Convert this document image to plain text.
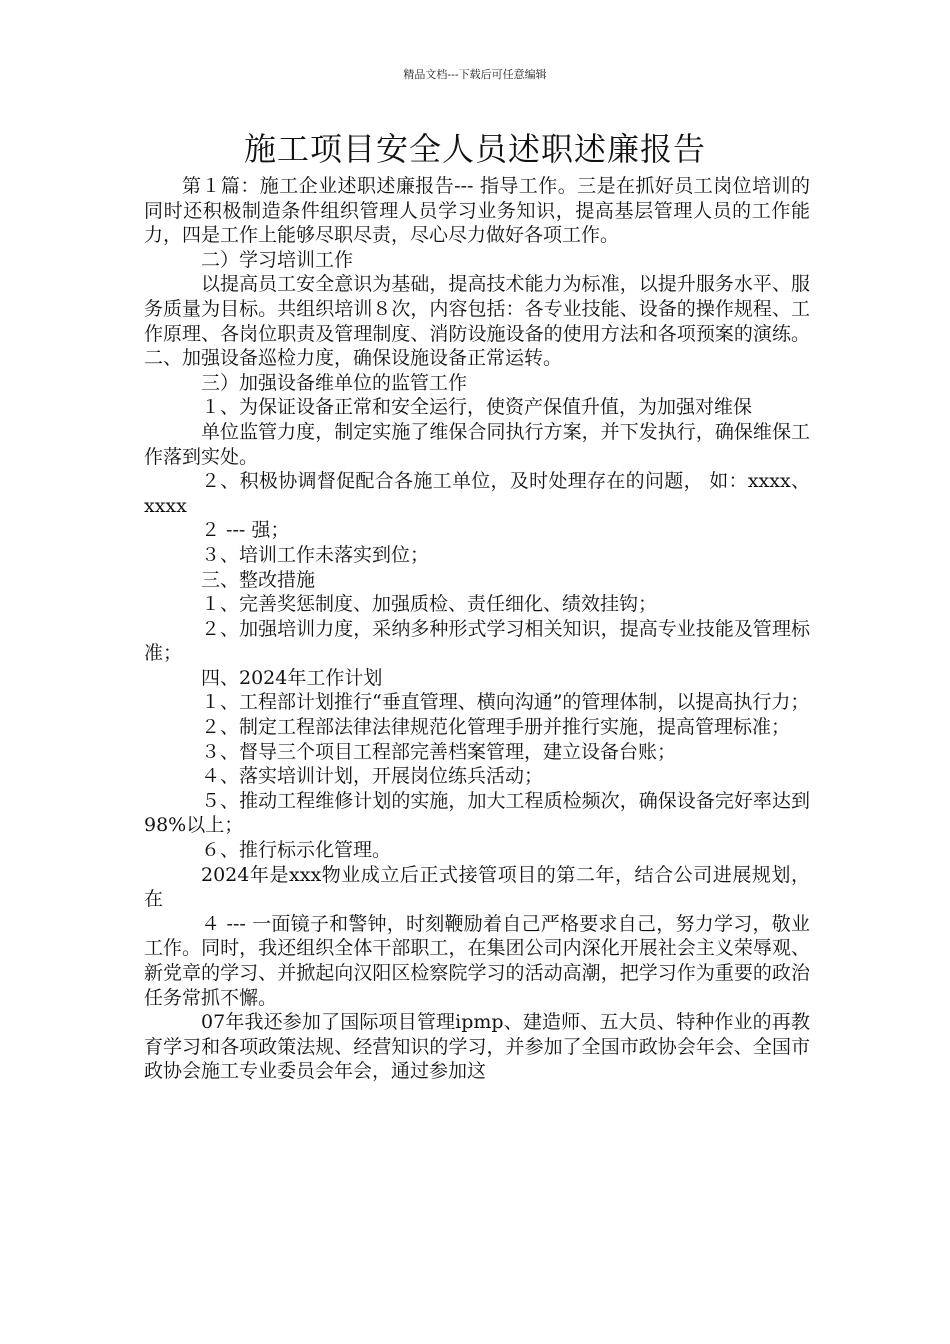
精品文档---下载后可任意编辑
施工项目安全人员述职述廉报告

第１篇：施工企业述职述廉报告--- 指导工作。三是在抓好员工岗位培训的同时还积极制造条件组织管理人员学习业务知识，提高基层管理人员的工作能力，四是工作上能够尽职尽责，尽心尽力做好各项工作。

二）学习培训工作

以提高员工安全意识为基础，提高技术能力为标准，以提升服务水平、服务质量为目标。共组织培训８次，内容包括：各专业技能、设备的操作规程、工作原理、各岗位职责及管理制度、消防设施设备的使用方法和各项预案的演练。二、加强设备巡检力度，确保设施设备正常运转。

三）加强设备维单位的监管工作

１、为保证设备正常和安全运行，使资产保值升值，为加强对维保

单位监管力度，制定实施了维保合同执行方案，并下发执行，确保维保工作落到实处。

２、积极协调督促配合各施工单位，及时处理存在的问题， 如：xxxx、xxxx

２ --- 强；

３、培训工作未落实到位；

三、整改措施

１、完善奖惩制度、加强质检、责任细化、绩效挂钩；

２、加强培训力度，采纳多种形式学习相关知识，提高专业技能及管理标准；

四、2024年工作计划

１、工程部计划推行“垂直管理、横向沟通”的管理体制，以提高执行力；

２、制定工程部法律法律规范化管理手册并推行实施，提高管理标准；

３、督导三个项目工程部完善档案管理，建立设备台账；

４、落实培训计划，开展岗位练兵活动；

５、推动工程维修计划的实施，加大工程质检频次，确保设备完好率达到98%以上；

６、推行标示化管理。

2024年是xxx物业成立后正式接管项目的第二年，结合公司进展规划，在

４ --- 一面镜子和警钟，时刻鞭励着自己严格要求自己，努力学习，敬业工作。同时，我还组织全体干部职工，在集团公司内深化开展社会主义荣辱观、新党章的学习、并掀起向汉阳区检察院学习的活动高潮，把学习作为重要的政治任务常抓不懈。

07年我还参加了国际项目管理ipmp、建造师、五大员、特种作业的再教育学习和各项政策法规、经营知识的学习，并参加了全国市政协会年会、全国市政协会施工专业委员会年会，通过参加这
